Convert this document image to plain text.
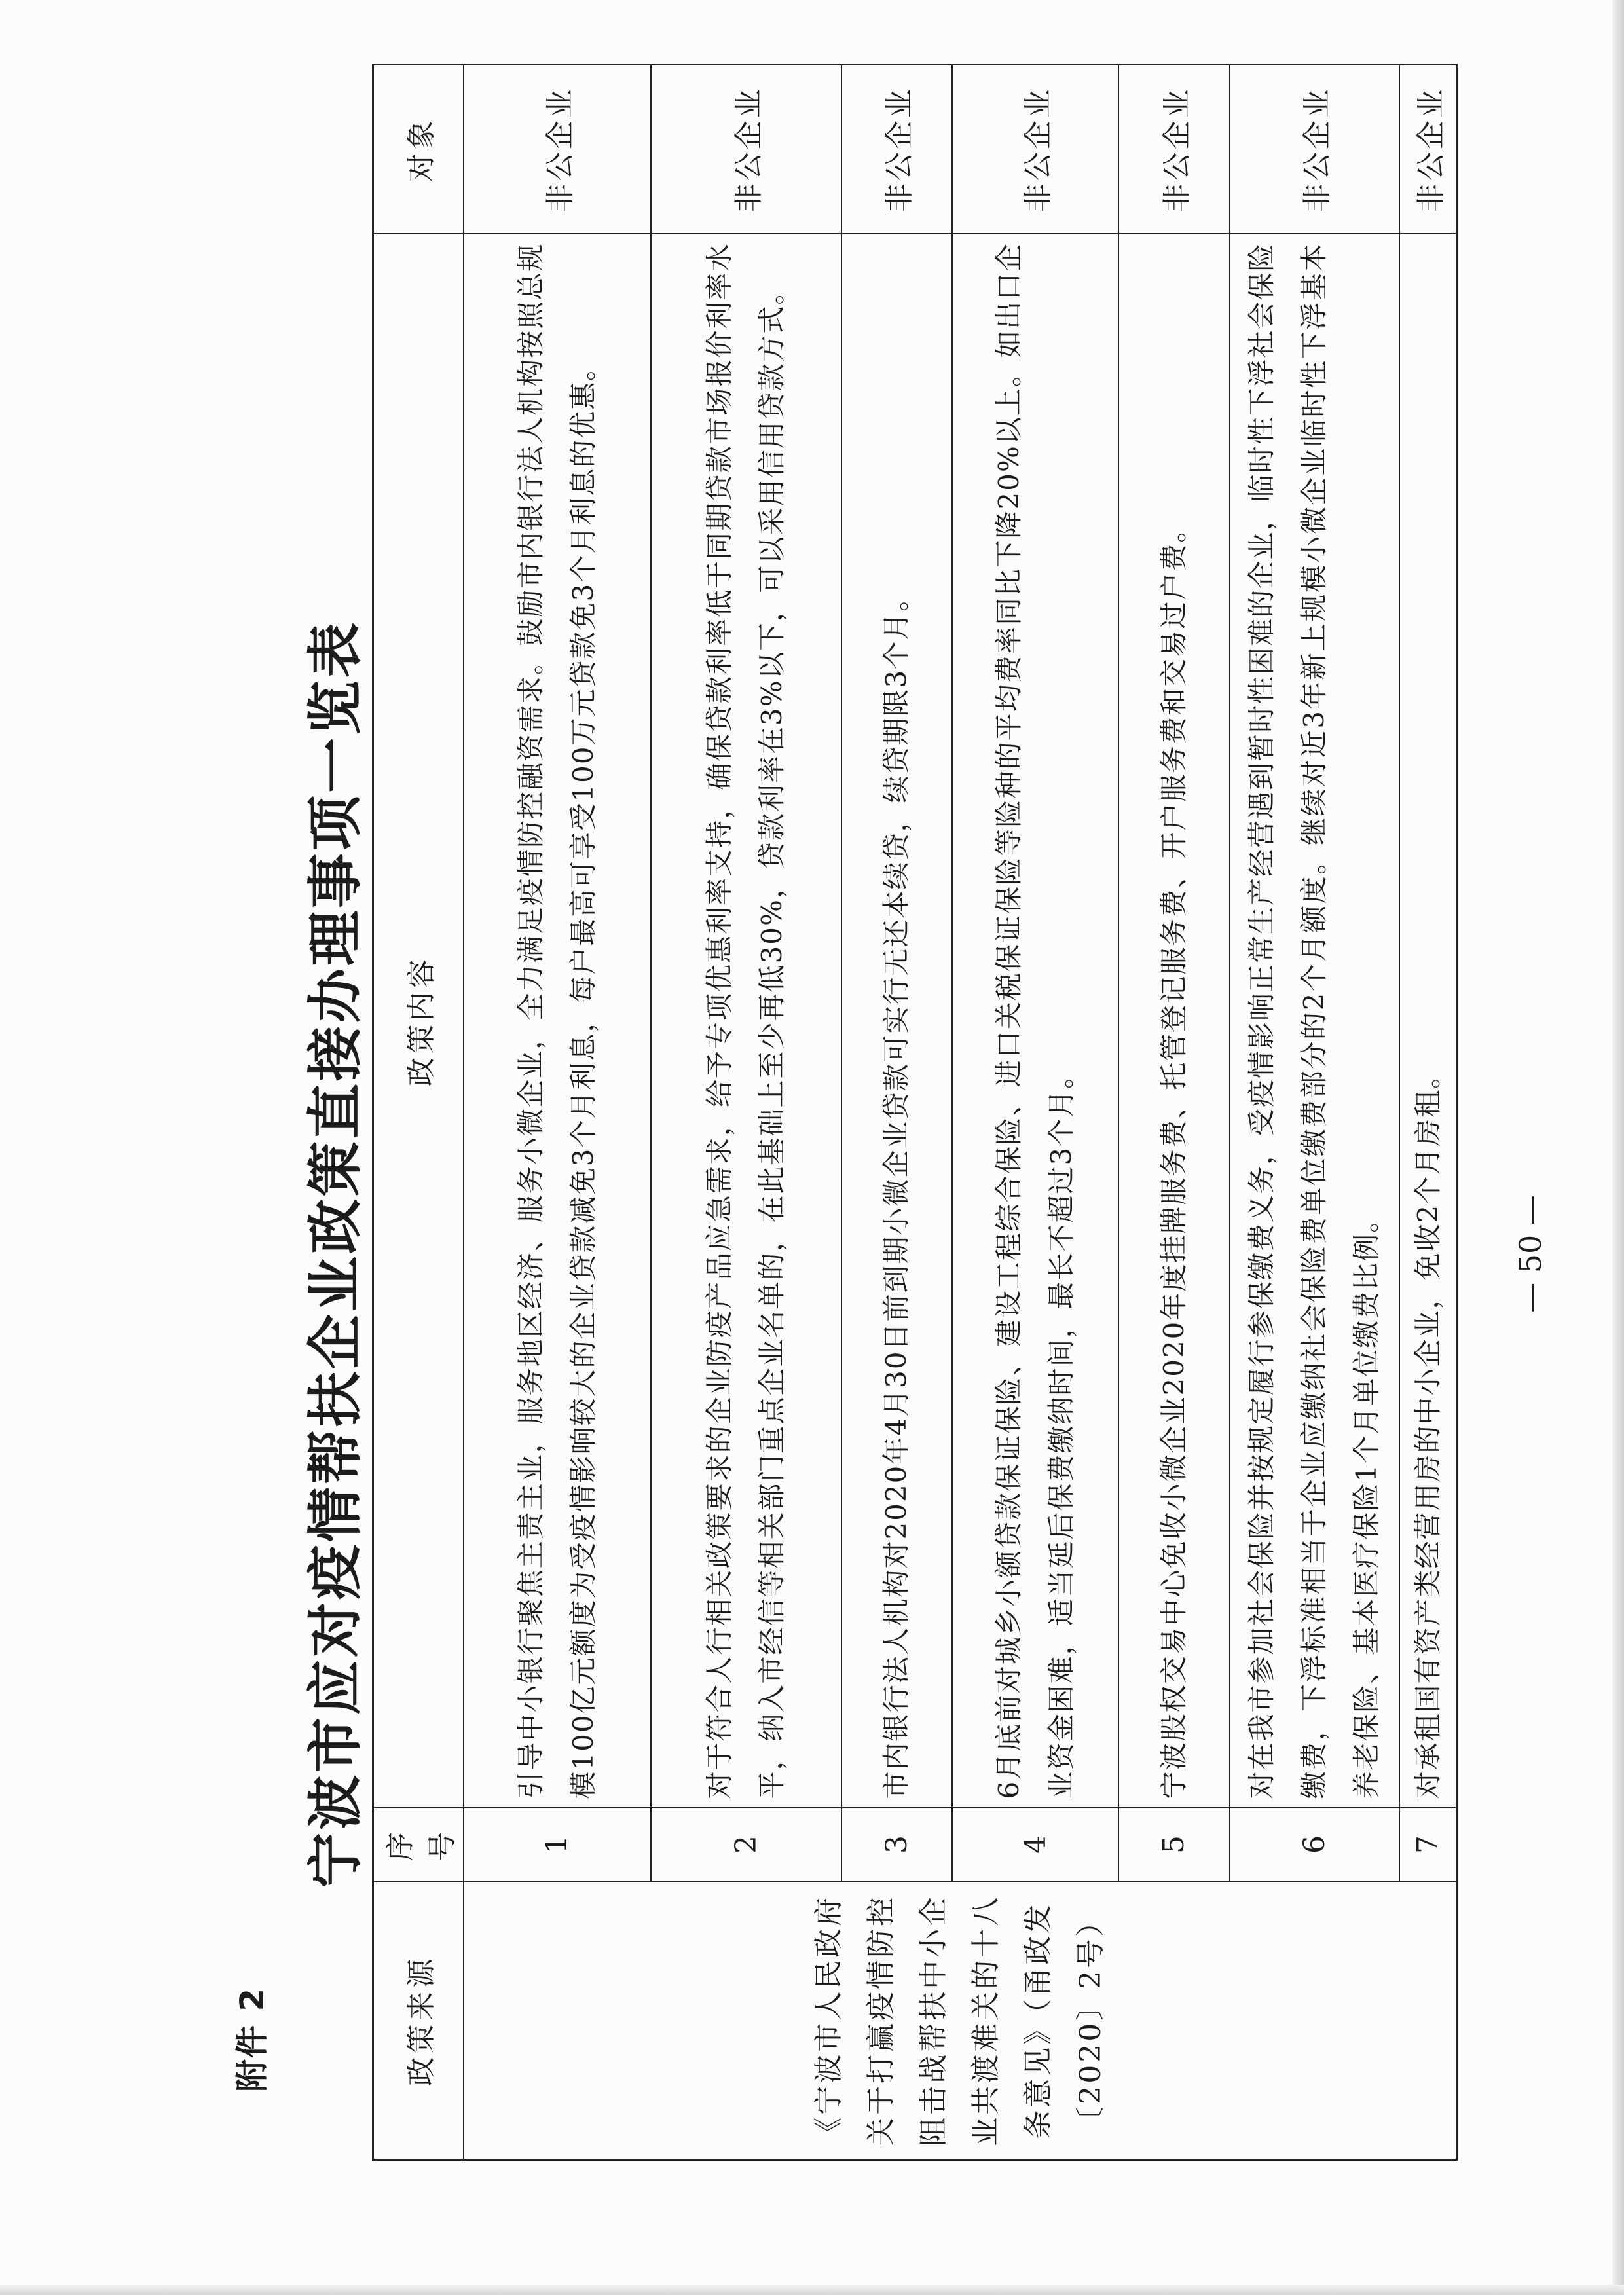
附件 2
宁波市应对疫情帮扶企业政策直接办理事项一览表
政策来源	序号	政策内容	对象
《宁波市人民政府关于打赢疫情防控阻击战帮扶中小企业共渡难关的十八条意见》（甬政发〔2020〕2号）	1	引导中小银行聚焦主责主业，服务地区经济、服务小微企业，全力满足疫情防控融资需求。鼓励市内银行法人机构按照总规模100亿元额度为受疫情影响较大的企业贷款减免3个月利息，每户最高可享受100万元贷款免3个月利息的优惠。	非公企业
	2	对于符合人行相关政策要求的企业防疫产品应急需求，给予专项优惠利率支持，确保贷款利率低于同期贷款市场报价利率水平，纳入市经信等相关部门重点企业名单的，在此基础上至少再低30%，贷款利率在3%以下，可以采用信用贷款方式。	非公企业
	3	市内银行法人机构对2020年4月30日前到期小微企业贷款可实行无还本续贷，续贷期限3个月。	非公企业
	4	6月底前对城乡小额贷款保证保险、建设工程综合保险、进口关税保证保险等险种的平均费率同比下降20%以上。如出口企业资金困难，适当延后保费缴纳时间，最长不超过3个月。	非公企业
	5	宁波股权交易中心免收小微企业2020年度挂牌服务费、托管登记服务费、开户服务费和交易过户费。	非公企业
	6	对在我市参加社会保险并按规定履行参保缴费义务，受疫情影响正常生产经营遇到暂时性困难的企业，临时性下浮社会保险缴费，下浮标准相当于企业应缴纳社会保险费单位缴费部分的2个月额度。继续对近3年新上规模小微企业临时性下浮基本养老保险、基本医疗保险1个月单位缴费比例。	非公企业
	7	对承租国有资产类经营用房的中小企业，免收2个月房租。	非公企业
— 50 —
